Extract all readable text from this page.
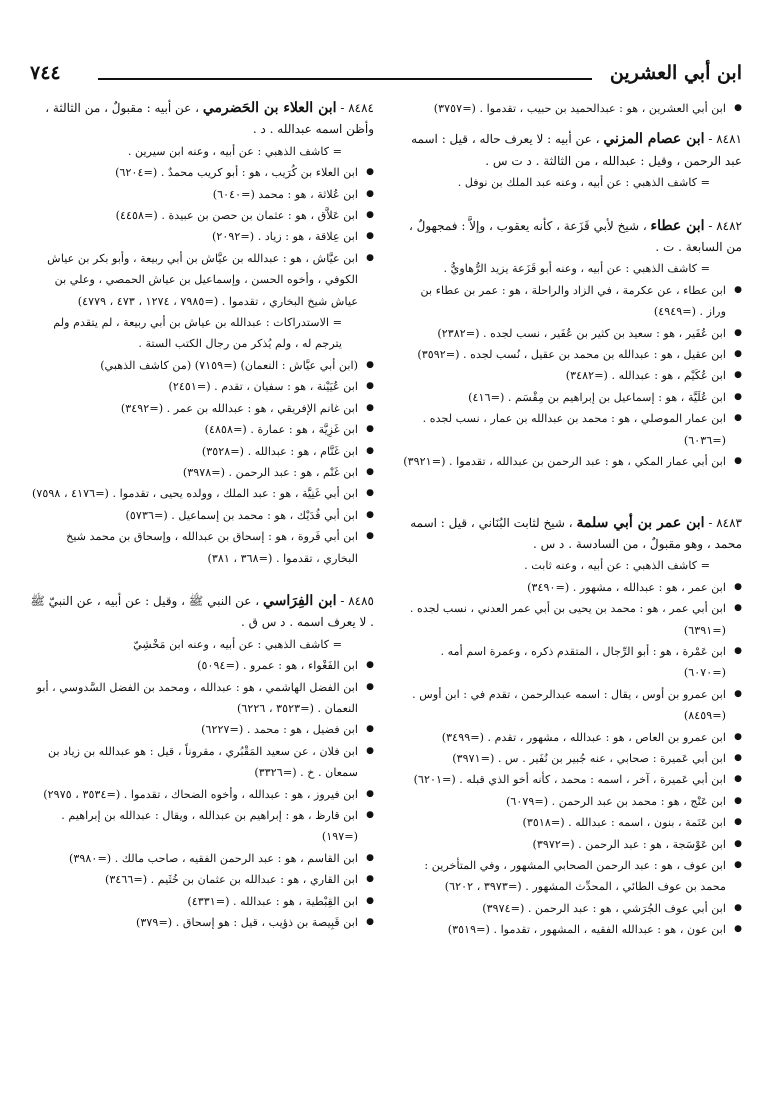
ابن أبي العشرين
٧٤٤

● ابن أبي العشرين ، هو : عبدالحميد بن حبيب ، تقدموا . (=٣٧٥٧)

٨٤٨١ - ابن عصام المزني ، عن أبيه : لا يعرف حاله ، قيل : اسمه عبد الرحمن ، وقيل : عبدالله ، من الثالثة . د ت س .

= كاشف الذهبي : عن أبيه ، وعنه عبد الملك بن نوفل .

٨٤٨٢ - ابن عطاء ، شيخ لأبي قَزَعة ، كأنه يعقوب ، وإلاَّ : فمجهولٌ ، من السابعة . ت .

= كاشف الذهبي : عن أبيه ، وعنه أبو قَزَعة يزيد الرُّهاويُّ .

● ابن عطاء ، عن عكرمة ، في الزاد والراحلة ، هو : عمر بن عطاء بن وراز . (=٤٩٤٩)

● ابن عُفَير ، هو : سعيد بن كثير بن عُفَير ، نسب لجده . (=٢٣٨٢)

● ابن عقيل ، هو : عبدالله بن محمد بن عقيل ، نُسب لجده . (=٣٥٩٢)

● ابن عُكَيْم ، هو : عبدالله . (=٣٤٨٢)

● ابن عُلَيَّة ، هو : إسماعيل بن إبراهيم بن مِقْسَم . (=٤١٦)

● ابن عمار الموصلي ، هو : محمد بن عبدالله بن عمار ، نسب لجده . (=٦٠٣٦)

● ابن أبي عمار المكي ، هو : عبد الرحمن بن عبدالله ، تقدموا . (=٣٩٢١)

٨٤٨٣ - ابن عمر بن أبي سلمة ، شيخ لثابت البُنَاني ، قيل : اسمه محمد ، وهو مقبولٌ ، من السادسة . د س .

= كاشف الذهبي : عن أبيه ، وعنه ثابت .

● ابن عمر ، هو : عبدالله ، مشهور . (=٣٤٩٠)

● ابن أبي عمر ، هو : محمد بن يحيى بن أبي عمر العدني ، نسب لجده . (=٦٣٩١)

● ابن عَمْرة ، هو : أبو الرِّجال ، المتقدم ذكره ، وعمرة اسم أمه . (=٦٠٧٠)

● ابن عمرو بن أوس ، يقال : اسمه عبدالرحمن ، تقدم في : ابن أوس . (=٨٤٥٩)

● ابن عمرو بن العاص ، هو : عبدالله ، مشهور ، تقدم . (=٣٤٩٩)

● ابن أبي عَميرة : صحابي ، عنه جُبير بن نُفَير . س . (=٣٩٧١)

● ابن أبي عَميرة ، آخر ، اسمه : محمد ، كأنه أخو الذي قبله . (=٦٢٠١)

● ابن عَنْج ، هو : محمد بن عبد الرحمن . (=٦٠٧٩)

● ابن عَنَمة ، بنون ، اسمه : عبدالله . (=٣٥١٨)

● ابن عَوْسَجة ، هو : عبد الرحمن . (=٣٩٧٢)

● ابن عوف ، هو : عبد الرحمن الصحابي المشهور ، وفي المتأخرين : محمد بن عوف الطائي ، المحدِّث المشهور . (=٣٩٧٣ ، ٦٢٠٢)

● ابن أبي عوف الجُرَشي ، هو : عبد الرحمن . (=٣٩٧٤)

● ابن عون ، هو : عبدالله الفقيه ، المشهور ، تقدموا . (=٣٥١٩)

٨٤٨٤ - ابن العلاء بن الحَضرمي ، عن أبيه : مقبولٌ ، من الثالثة ، وأظن اسمه عبدالله . د .

= كاشف الذهبي : عن أبيه ، وعنه ابن سيرين .

● ابن العلاء بن كُرَيب ، هو : أبو كريب محمدٌ . (=٦٢٠٤)

● ابن عُلاثة ، هو : محمد (=٦٠٤٠)

● ابن عَلاَّق ، هو : عثمان بن حصن بن عبيدة . (=٤٤٥٨)

● ابن عِلاقة ، هو : زياد . (=٢٠٩٢)

● ابن عيَّاش ، هو : عبدالله بن عيَّاش بن أبي ربيعة ، وأبو بكر بن عياش الكوفي ، وأخوه الحسن ، وإسماعيل بن عياش الحمصي ، وعلي بن عياش شيخ البخاري ، تقدموا . (=٧٩٨٥ ، ١٢٧٤ ، ٤٧٣ ، ٤٧٧٩)

= الاستدراكات : عبدالله بن عياش بن أبي ربيعة ، لم يتقدم ولم يترجم له ، ولم يُذكر من رجال الكتب الستة .

● (ابن أبي عيَّاش : النعمان) (=٧١٥٩) (من كاشف الذهبي)

● ابن عُيَيْنة ، هو : سفيان ، تقدم . (=٢٤٥١)

● ابن غانم الإفريقي ، هو : عبدالله بن عمر . (=٣٤٩٢)

● ابن غَزِيَّة ، هو : عمارة . (=٤٨٥٨)

● ابن غَنَّام ، هو : عبدالله . (=٣٥٢٨)

● ابن غَنْم ، هو : عبد الرحمن . (=٣٩٧٨)

● ابن أبي غَنِيَّة ، هو : عبد الملك ، وولده يحيى ، تقدموا . (=٤١٧٦ ، ٧٥٩٨)

● ابن أبي فُدَيْك ، هو : محمد بن إسماعيل . (=٥٧٣٦)

● ابن أبي فَروة ، هو : إسحاق بن عبدالله ، وإسحاق بن محمد شيخ البخاري ، تقدموا . (=٣٦٨ ، ٣٨١)

٨٤٨٥ - ابن الفِرَاسي ، عن النبي ﷺ ، وقيل : عن أبيه ، عن النبيّ ﷺ . لا يعرف اسمه . د س ق .

= كاشف الذهبي : عن أبيه ، وعنه ابن مَخْشِيّ

● ابن الفَغْواء ، هو : عمرو . (=٥٠٩٤)

● ابن الفضل الهاشمي ، هو : عبدالله ، ومحمد بن الفضل السَّدوسي ، أبو النعمان . (=٣٥٢٣ ، ٦٢٢٦)

● ابن فضيل ، هو : محمد . (=٦٢٢٧)

● ابن فلان ، عن سعيد المَقْبُري ، مقروناً ، قيل : هو عبدالله بن زياد بن سمعان . خ . (=٣٣٢٦)

● ابن فيروز ، هو : عبدالله ، وأخوه الضحاك ، تقدموا . (=٣٥٣٤ ، ٢٩٧٥)

● ابن قارظ ، هو : إبراهيم بن عبدالله ، ويقال : عبدالله بن إبراهيم . (=١٩٧)

● ابن القاسم ، هو : عبد الرحمن الفقيه ، صاحب مالك . (=٣٩٨٠)

● ابن القاري ، هو : عبدالله بن عثمان بن خُثَيم . (=٣٤٦٦)

● ابن القِبْطية ، هو : عبدالله . (=٤٣٣١)

● ابن قَبِيصة بن ذؤيب ، قيل : هو إسحاق . (=٣٧٩)
